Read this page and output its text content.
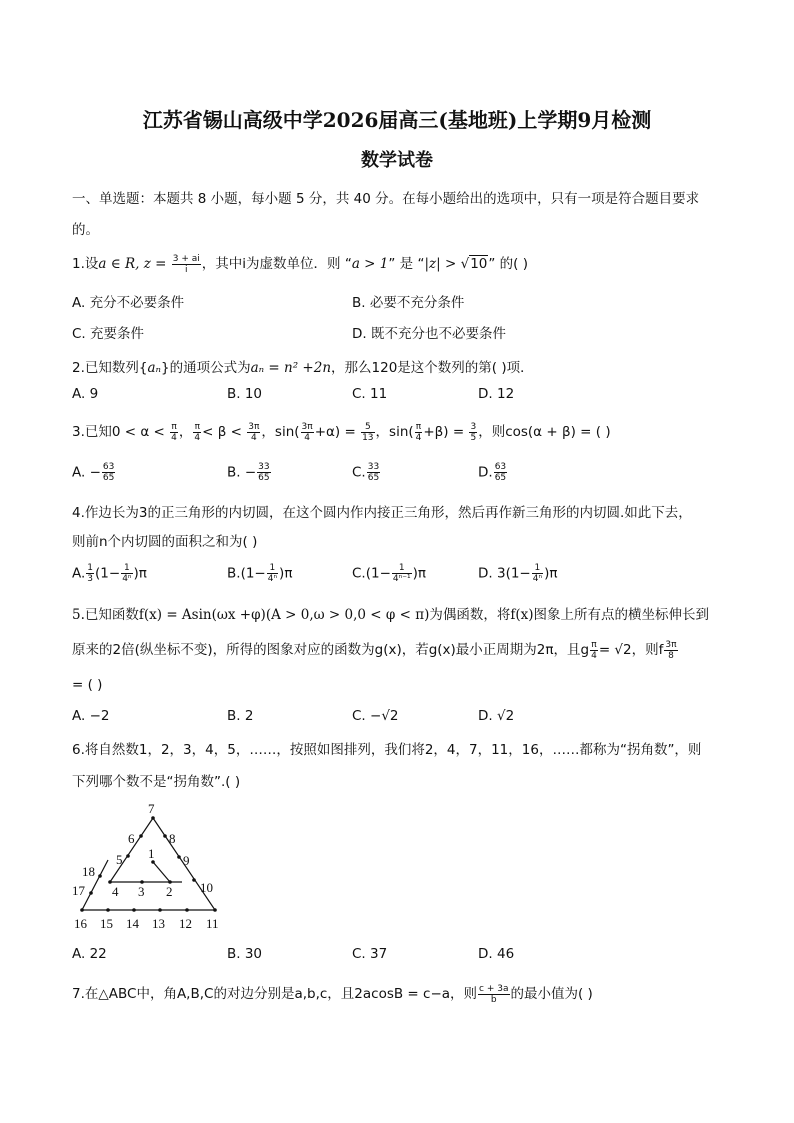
江苏省锡山高级中学2026届高三(基地班)上学期9月检测
数学试卷
一、单选题：本题共 8 小题，每小题 5 分，共 40 分。在每小题给出的选项中，只有一项是符合题目要求
的。
1.设a ∈ R, $z = \frac{3 + ai}{i}$ ，其中i为虚数单位．则 “a > 1” 是 “|z| > √10” 的( )
A. 充分不必要条件	B. 必要不充分条件
C. 充要条件	D. 既不充分也不必要条件
2.已知数列{aₙ}的通项公式为aₙ = n² +2n，那么120是这个数列的第( )项．
A. 9	B. 10	C. 11	D. 12
3.已知$0 < \alpha < \frac{\pi}{4}$ ， $\frac{\pi}{4} < \beta < \frac{3\pi}{4}$ ，$\sin( \frac{3\pi}{4} +\alpha) = \frac{5}{13}$ ，$\sin( \frac{\pi}{4} +\beta) = \frac{3}{5}$ ，则cos(α + β) = ( )
A. − $\frac{63}{65}$	B. − $\frac{33}{65}$	C. $\frac{33}{65}$	D. $\frac{63}{65}$
4.作边长为3的正三角形的内切圆，在这个圆内作内接正三角形，然后再作新三角形的内切圆.如此下去，
则前n个内切圆的面积之和为( )
A. $\frac{1}{3} (1- \frac{1}{\text{4ⁿ}} )\pi$	$B.(1- \frac{1}{\text{4ⁿ}} )\pi$	$C.(1- \frac{1}{\text{4ⁿ⁻¹}} )\pi$	D. $3(1- \frac{1}{\text{4ⁿ}} )\pi$
5.已知函数f(x) = Asin(ωx +φ)(A > 0,ω > 0,0 < φ < π)为偶函数，将f(x)图象上所有点的横坐标伸长到
原来的2倍(纵坐标不变)，所得的图象对应的函数为g(x)，若g(x)最小正周期为2π，且g $\frac{\pi}{4} = √2$，则f $\frac{3\pi}{8}$
= ( )
A. −2	B. 2	C. −√2	D. √2
6.将自然数1，2，3，4，5，……，按照如图排列，我们将2，4，7，11，16，……都称为“拐角数”，则
下列哪个数不是“拐角数”.( )
7
6	8
5 1 9
18
4 3 2 10
17
16 15 14 13 12 11
A. 22	B. 30	C. 37	D. 46
7.在△ABC中，角A,B,C的对边分别是a,b,c，且2acosB = c−a，则 $\frac{c + 3a}{b}$ 的最小值为( )
